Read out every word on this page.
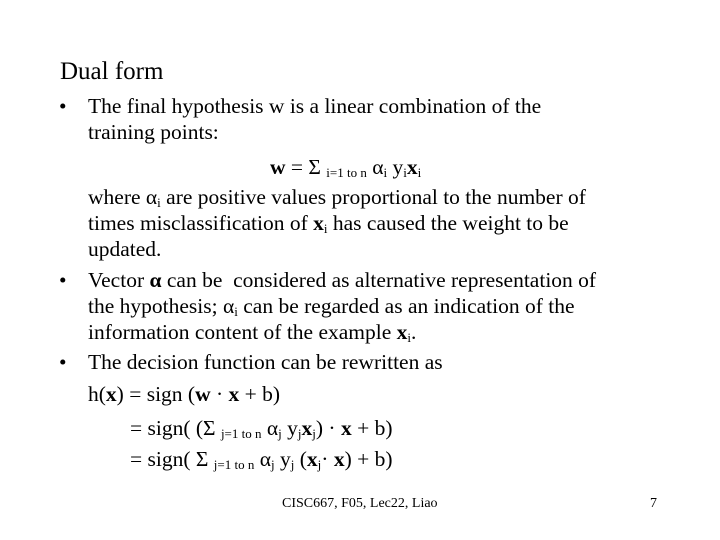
Dual form
• The final hypothesis w is a linear combination of the
training points:
w = Σ $_{i=1 to n}$ $\alpha_i$ $y_ix_i$
where $\alpha_i$ are positive values proportional to the number of
times misclassification of $x_i$ has caused the weight to be
updated.
• Vector α can be  considered as alternative representation of
the hypothesis; $\alpha_i$ can be regarded as an indication of the
information content of the example $x_i$.
• The decision function can be rewritten as
h(x) = sign (w · x + b)
= sign( (Σ $_{j=1 to n}$ $\alpha_j$ $y_jx_j) \cdot x + b$)
= sign( Σ $_{j=1 to n}$ $\alpha_j$ $y_j$ $(x_j\cdot x) + b$)
CISC667, F05, Lec22, Liao	7
